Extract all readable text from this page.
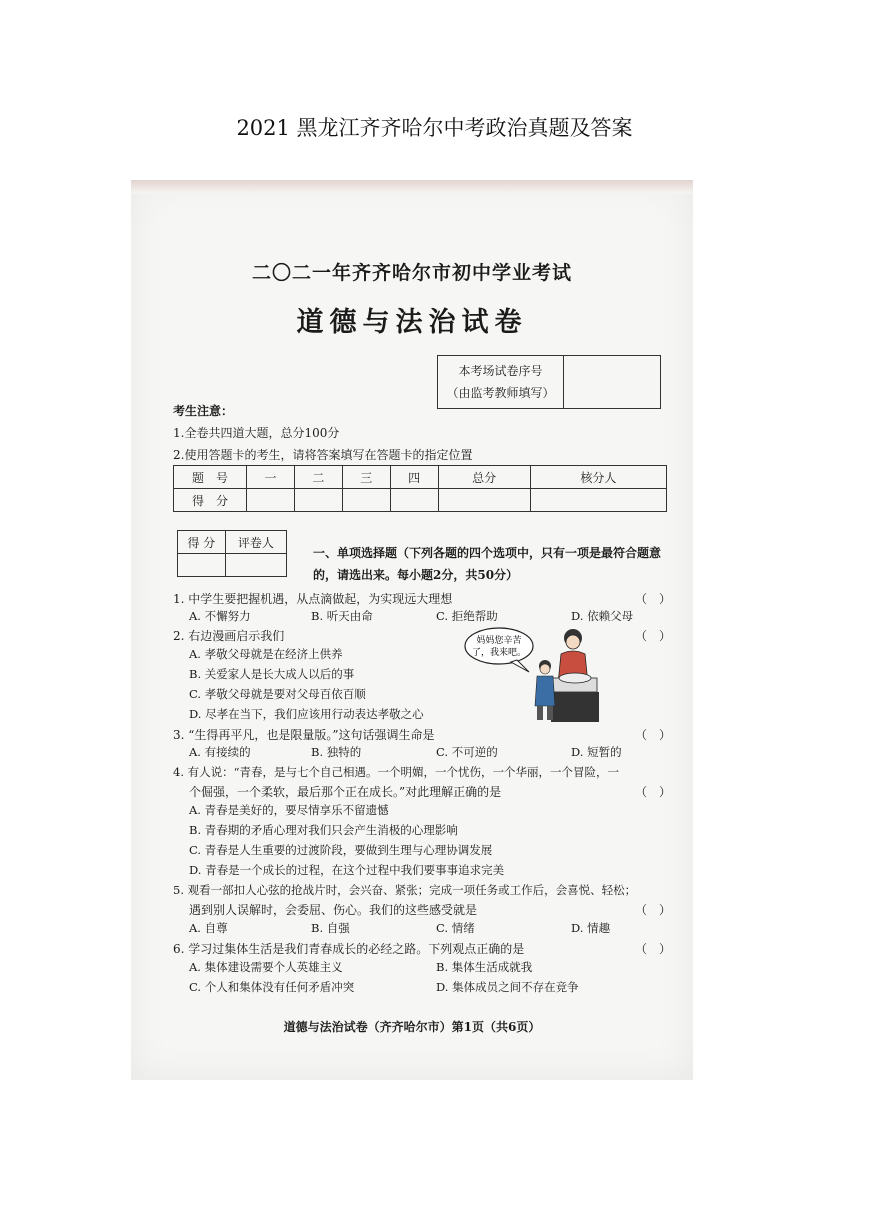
2021 黑龙江齐齐哈尔中考政治真题及答案
二〇二一年齐齐哈尔市初中学业考试
道德与法治试卷
本考场试卷序号
（由监考教师填写）
考生注意：
1.全卷共四道大题，总分100分
2.使用答题卡的考生，请将答案填写在答题卡的指定位置
题　号	一	二	三	四	总分	核分人
得　分						
得 分	评卷人

一、单项选择题（下列各题的四个选项中，只有一项是最符合题意
的，请选出来。每小题2分，共50分）
1. 中学生要把握机遇，从点滴做起，为实现远大理想	（　）
A. 不懈努力	B. 听天由命	C. 拒绝帮助	D. 依赖父母
2. 右边漫画启示我们	（　）
A. 孝敬父母就是在经济上供养
B. 关爱家人是长大成人以后的事
C. 孝敬父母就是要对父母百依百顺
D. 尽孝在当下，我们应该用行动表达孝敬之心
妈妈您辛苦
了，我来吧。
3. “生得再平凡，也是限量版。”这句话强调生命是	（　）
A. 有接续的	B. 独特的	C. 不可逆的	D. 短暂的
4. 有人说：“青春，是与七个自己相遇。一个明媚，一个忧伤，一个华丽，一个冒险，一
个倔强，一个柔软，最后那个正在成长。”对此理解正确的是	（　）
A. 青春是美好的，要尽情享乐不留遗憾
B. 青春期的矛盾心理对我们只会产生消极的心理影响
C. 青春是人生重要的过渡阶段，要做到生理与心理协调发展
D. 青春是一个成长的过程，在这个过程中我们要事事追求完美
5. 观看一部扣人心弦的抢战片时，会兴奋、紧张；完成一项任务或工作后，会喜悦、轻松；
遇到别人误解时，会委屈、伤心。我们的这些感受就是	（　）
A. 自尊	B. 自强	C. 情绪	D. 情趣
6. 学习过集体生活是我们青春成长的必经之路。下列观点正确的是	（　）
A. 集体建设需要个人英雄主义	B. 集体生活成就我
C. 个人和集体没有任何矛盾冲突	D. 集体成员之间不存在竞争
道德与法治试卷（齐齐哈尔市）第1页（共6页）
